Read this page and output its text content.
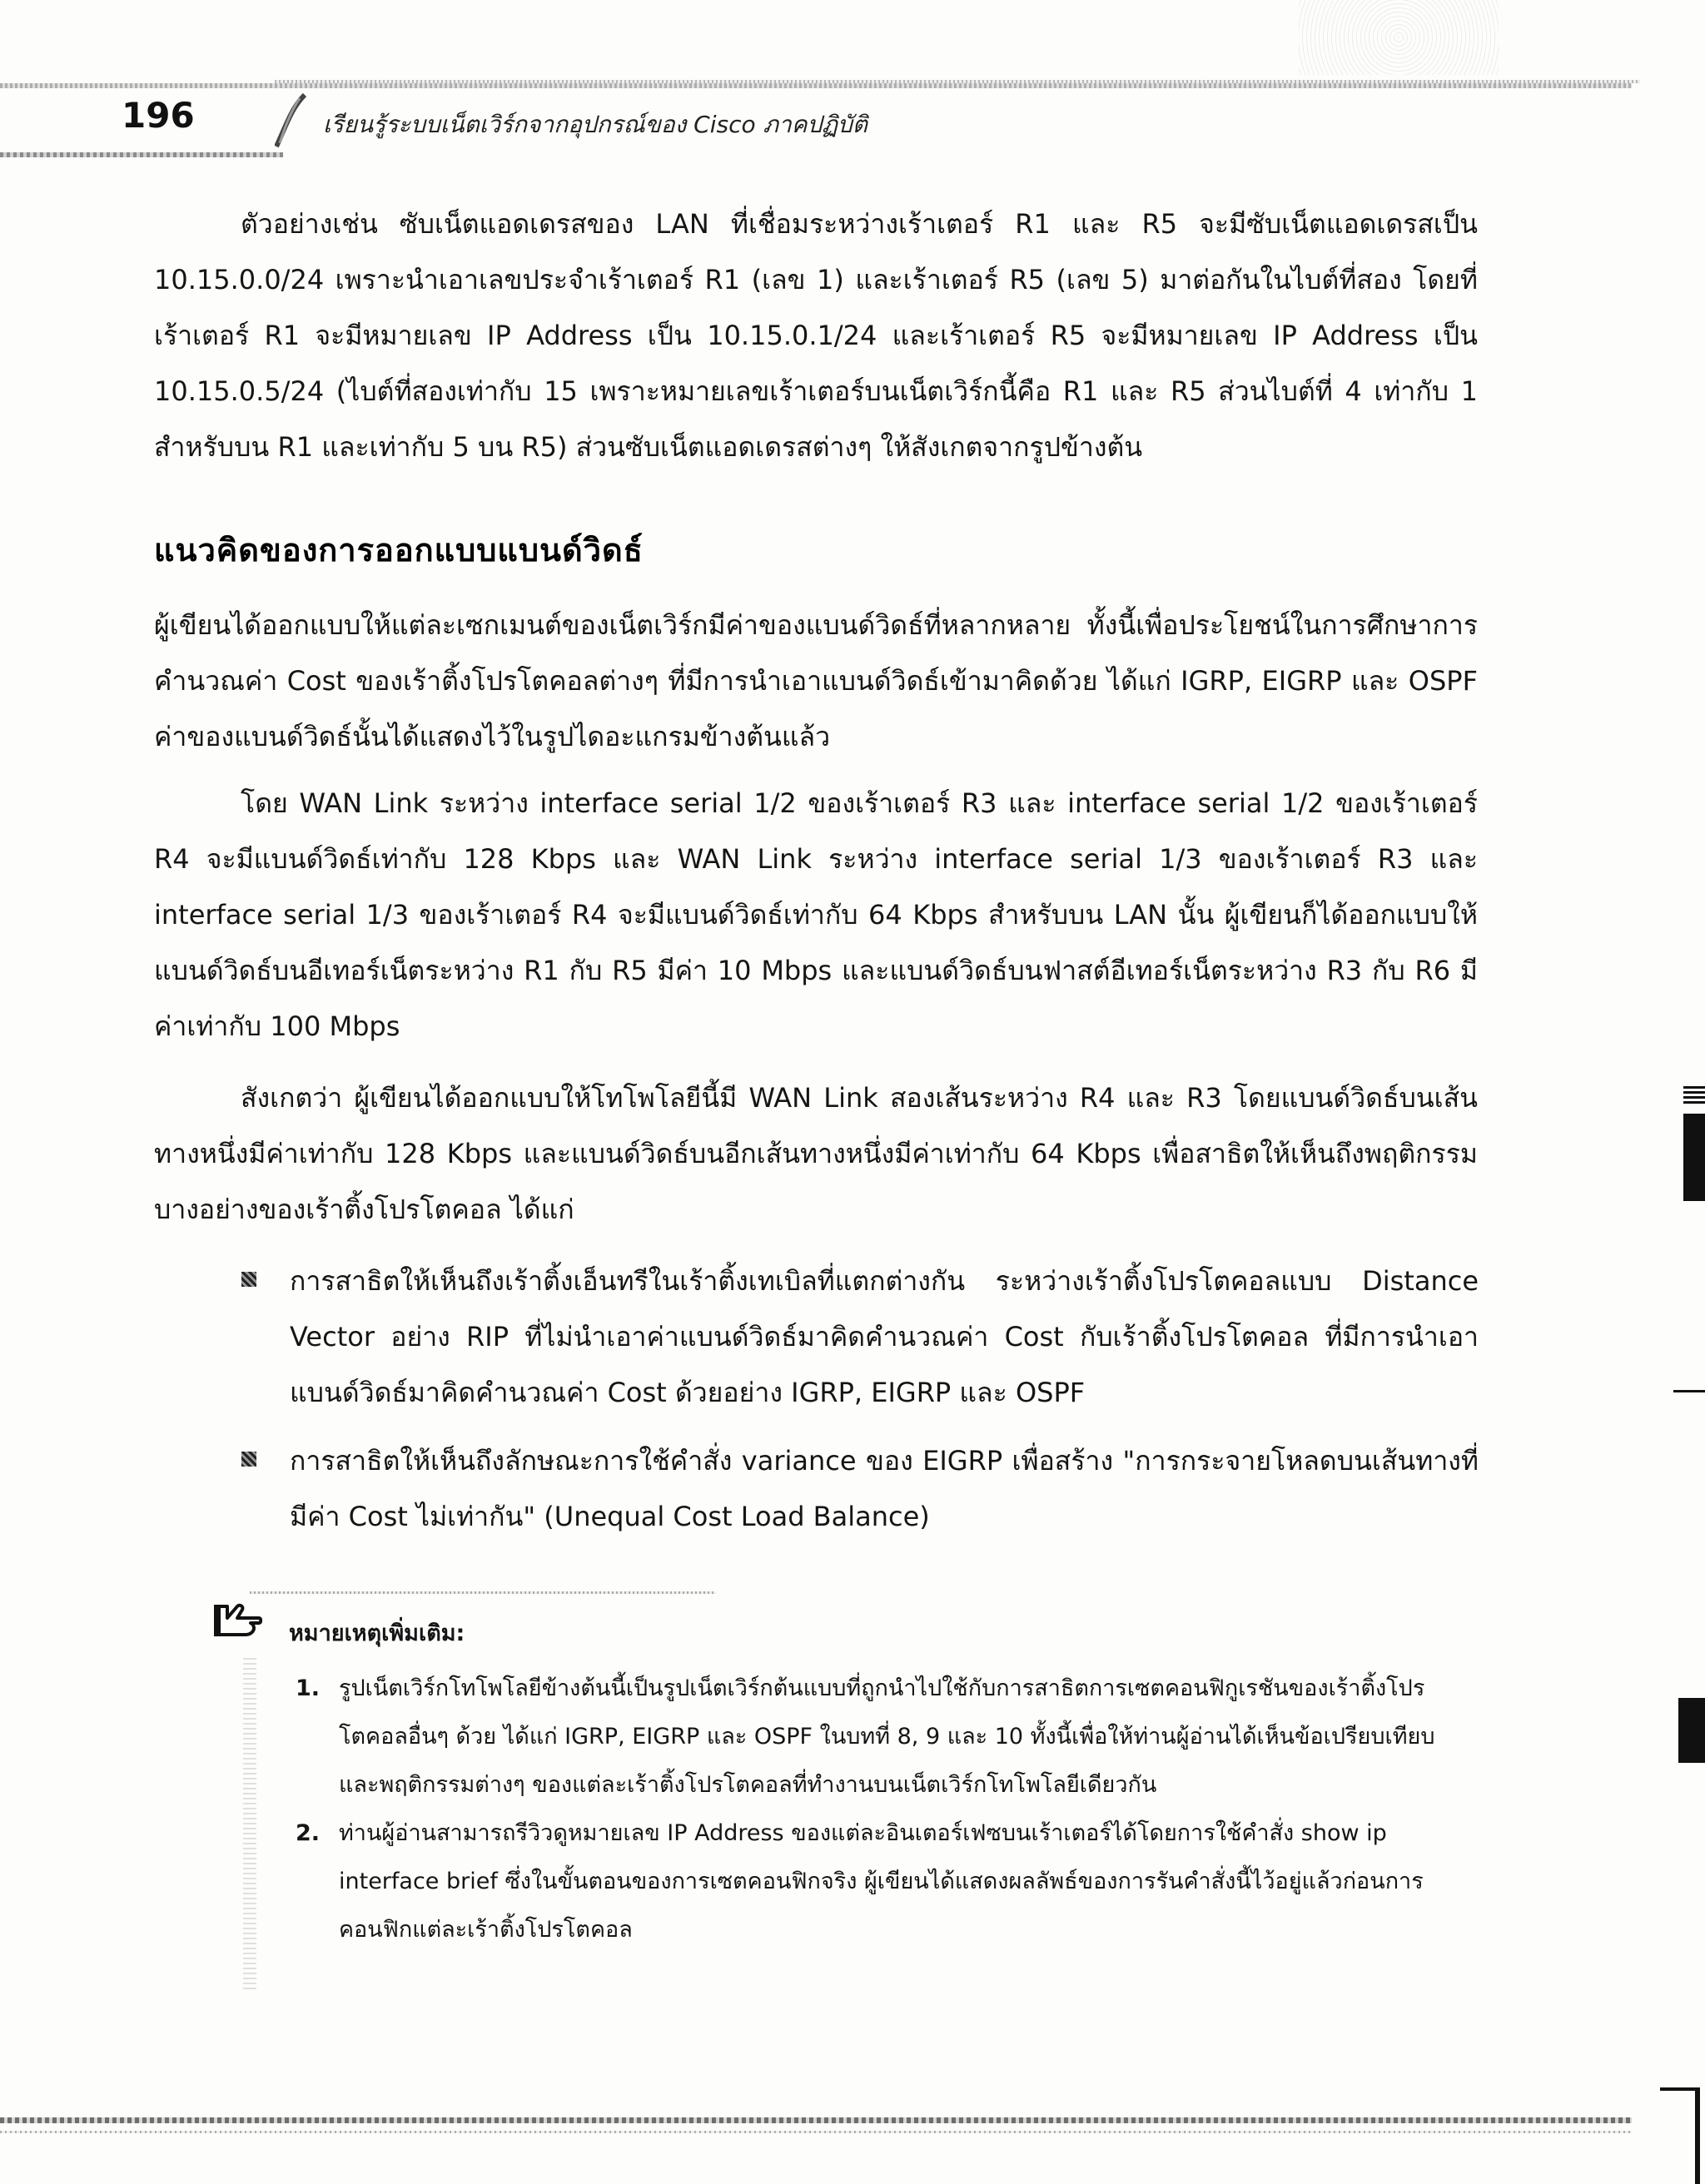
196	เรียนรู้ระบบเน็ตเวิร์กจากอุปกรณ์ของ Cisco ภาคปฏิบัติ
ตัวอย่างเช่น ซับเน็ตแอดเดรสของ LAN ที่เชื่อมระหว่างเร้าเตอร์ R1 และ R5 จะมีซับเน็ตแอดเดรสเป็น 10.15.0.0/24 เพราะนำเอาเลขประจำเร้าเตอร์ R1 (เลข 1) และเร้าเตอร์ R5 (เลข 5) มาต่อกันในไบต์ที่สอง โดยที่เร้าเตอร์ R1 จะมีหมายเลข IP Address เป็น 10.15.0.1/24 และเร้าเตอร์ R5 จะมีหมายเลข IP Address เป็น 10.15.0.5/24 (ไบต์ที่สองเท่ากับ 15 เพราะหมายเลขเร้าเตอร์บนเน็ตเวิร์กนี้คือ R1 และ R5 ส่วนไบต์ที่ 4 เท่ากับ 1 สำหรับบน R1 และเท่ากับ 5 บน R5) ส่วนซับเน็ตแอดเดรสต่างๆ ให้สังเกตจากรูปข้างต้น
แนวคิดของการออกแบบแบนด์วิดธ์
ผู้เขียนได้ออกแบบให้แต่ละเซกเมนต์ของเน็ตเวิร์กมีค่าของแบนด์วิดธ์ที่หลากหลาย ทั้งนี้เพื่อประโยชน์ในการศึกษาการคำนวณค่า Cost ของเร้าติ้งโปรโตคอลต่างๆ ที่มีการนำเอาแบนด์วิดธ์เข้ามาคิดด้วย ได้แก่ IGRP, EIGRP และ OSPF ค่าของแบนด์วิดธ์นั้นได้แสดงไว้ในรูปไดอะแกรมข้างต้นแล้ว
โดย WAN Link ระหว่าง interface serial 1/2 ของเร้าเตอร์ R3 และ interface serial 1/2 ของเร้าเตอร์ R4 จะมีแบนด์วิดธ์เท่ากับ 128 Kbps และ WAN Link ระหว่าง interface serial 1/3 ของเร้าเตอร์ R3 และ interface serial 1/3 ของเร้าเตอร์ R4 จะมีแบนด์วิดธ์เท่ากับ 64 Kbps สำหรับบน LAN นั้น ผู้เขียนก็ได้ออกแบบให้แบนด์วิดธ์บนอีเทอร์เน็ตระหว่าง R1 กับ R5 มีค่า 10 Mbps และแบนด์วิดธ์บนฟาสต์อีเทอร์เน็ตระหว่าง R3 กับ R6 มีค่าเท่ากับ 100 Mbps
สังเกตว่า ผู้เขียนได้ออกแบบให้โทโพโลยีนี้มี WAN Link สองเส้นระหว่าง R4 และ R3 โดยแบนด์วิดธ์บนเส้นทางหนึ่งมีค่าเท่ากับ 128 Kbps และแบนด์วิดธ์บนอีกเส้นทางหนึ่งมีค่าเท่ากับ 64 Kbps เพื่อสาธิตให้เห็นถึงพฤติกรรมบางอย่างของเร้าติ้งโปรโตคอล ได้แก่
การสาธิตให้เห็นถึงเร้าติ้งเอ็นทรีในเร้าติ้งเทเบิลที่แตกต่างกัน ระหว่างเร้าติ้งโปรโตคอลแบบ Distance Vector อย่าง RIP ที่ไม่นำเอาค่าแบนด์วิดธ์มาคิดคำนวณค่า Cost กับเร้าติ้งโปรโตคอล ที่มีการนำเอาแบนด์วิดธ์มาคิดคำนวณค่า Cost ด้วยอย่าง IGRP, EIGRP และ OSPF
การสาธิตให้เห็นถึงลักษณะการใช้คำสั่ง variance ของ EIGRP เพื่อสร้าง "การกระจายโหลดบนเส้นทางที่มีค่า Cost ไม่เท่ากัน" (Unequal Cost Load Balance)
หมายเหตุเพิ่มเติม:
1. รูปเน็ตเวิร์กโทโพโลยีข้างต้นนี้เป็นรูปเน็ตเวิร์กต้นแบบที่ถูกนำไปใช้กับการสาธิตการเซตคอนฟิกูเรชันของเร้าติ้งโปรโตคอลอื่นๆ ด้วย ได้แก่ IGRP, EIGRP และ OSPF ในบทที่ 8, 9 และ 10 ทั้งนี้เพื่อให้ท่านผู้อ่านได้เห็นข้อเปรียบเทียบและพฤติกรรมต่างๆ ของแต่ละเร้าติ้งโปรโตคอลที่ทำงานบนเน็ตเวิร์กโทโพโลยีเดียวกัน
2. ท่านผู้อ่านสามารถรีวิวดูหมายเลข IP Address ของแต่ละอินเตอร์เฟซบนเร้าเตอร์ได้โดยการใช้คำสั่ง show ip interface brief ซึ่งในขั้นตอนของการเซตคอนฟิกจริง ผู้เขียนได้แสดงผลลัพธ์ของการรันคำสั่งนี้ไว้อยู่แล้วก่อนการคอนฟิกแต่ละเร้าติ้งโปรโตคอล
